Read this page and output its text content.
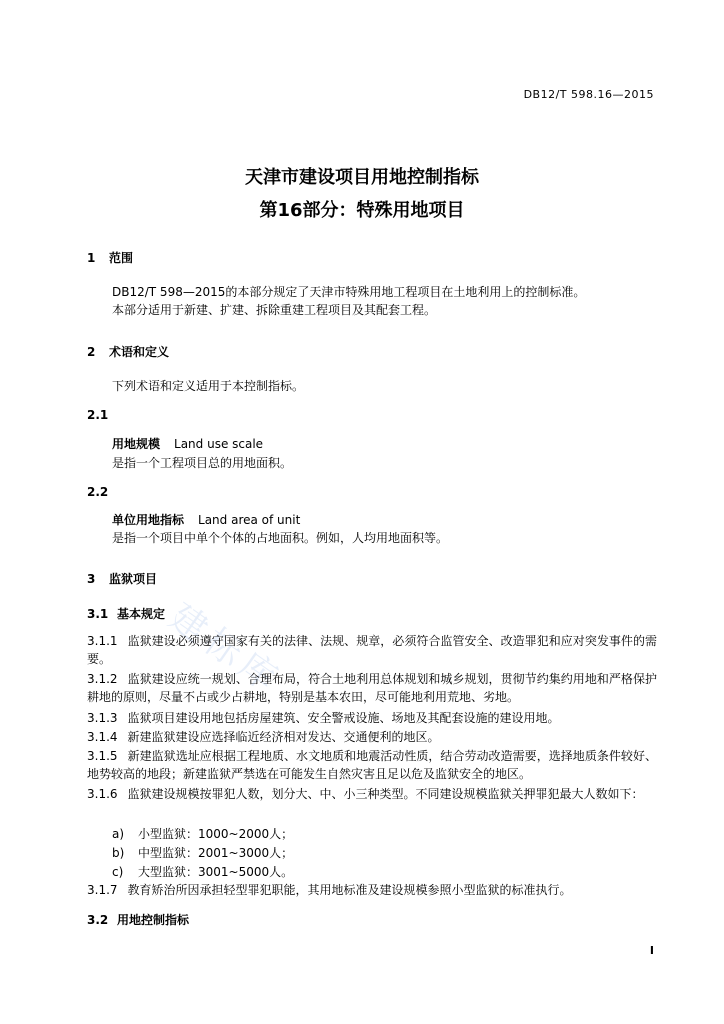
建标库
DB12/T 598.16—2015
天津市建设项目用地控制指标
第16部分：特殊用地项目
1 范围
DB12/T 598—2015的本部分规定了天津市特殊用地工程项目在土地利用上的控制标准。
本部分适用于新建、扩建、拆除重建工程项目及其配套工程。
2 术语和定义
下列术语和定义适用于本控制指标。
2.1
用地规模 Land use scale
是指一个工程项目总的用地面积。
2.2
单位用地指标 Land area of unit
是指一个项目中单个个体的占地面积。例如，人均用地面积等。
3 监狱项目
3.1 基本规定
3.1.1 监狱建设必须遵守国家有关的法律、法规、规章，必须符合监管安全、改造罪犯和应对突发事件的需要。
3.1.2 监狱建设应统一规划、合理布局，符合土地利用总体规划和城乡规划，贯彻节约集约用地和严格保护耕地的原则，尽量不占或少占耕地，特别是基本农田，尽可能地利用荒地、劣地。
3.1.3 监狱项目建设用地包括房屋建筑、安全警戒设施、场地及其配套设施的建设用地。
3.1.4 新建监狱建设应选择临近经济相对发达、交通便利的地区。
3.1.5 新建监狱选址应根据工程地质、水文地质和地震活动性质，结合劳动改造需要，选择地质条件较好、地势较高的地段；新建监狱严禁选在可能发生自然灾害且足以危及监狱安全的地区。
3.1.6 监狱建设规模按罪犯人数，划分大、中、小三种类型。不同建设规模监狱关押罪犯最大人数如下：
a) 小型监狱：1000~2000人；
b) 中型监狱：2001~3000人；
c) 大型监狱：3001~5000人。
3.1.7 教育矫治所因承担轻型罪犯职能，其用地标准及建设规模参照小型监狱的标准执行。
3.2 用地控制指标
I
